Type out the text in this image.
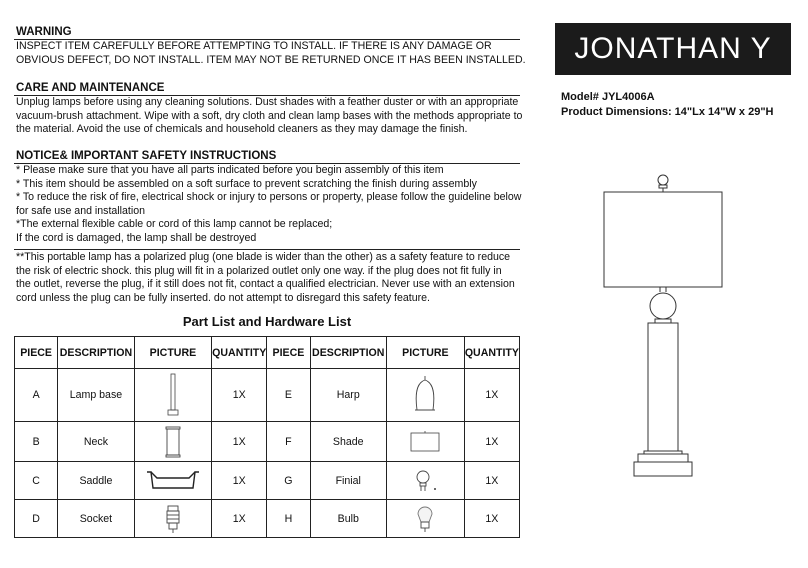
WARNING
INSPECT ITEM CAREFULLY BEFORE ATTEMPTING TO INSTALL. IF THERE IS ANY DAMAGE OR
OBVIOUS DEFECT, DO NOT INSTALL. ITEM MAY NOT BE RETURNED ONCE IT HAS BEEN INSTALLED.
CARE AND MAINTENANCE
Unplug lamps before using any cleaning solutions. Dust shades with a feather duster or with an appropriate
vacuum-brush attachment. Wipe with a soft, dry cloth and clean lamp bases with the methods appropriate to
the material. Avoid the use of chemicals and household cleaners as they may damage the finish.
NOTICE& IMPORTANT SAFETY INSTRUCTIONS
* Please make sure that you have all parts indicated before you begin assembly of this item
* This item should be assembled on a soft surface to prevent scratching the finish during assembly
* To reduce the risk of fire, electrical shock or injury to persons or property, please follow the guideline below
for safe use and installation
*The external flexible cable or cord of this lamp cannot be replaced;
If the cord is damaged, the lamp shall be destroyed
**This portable lamp has a polarized plug (one blade is wider than the other) as a safety feature to reduce
the risk of electric shock. this plug will fit in a polarized outlet only one way. if the plug does not fit fully in
the outlet, reverse the plug, if it still does not fit, contact a qualified electrician. Never use with an extension
cord unless the plug can be fully inserted. do not attempt to disregard this safety feature.
JONATHAN Y
Model# JYL4006A
Product Dimensions: 14"Lx 14"W x 29"H
Part List and Hardware List
PIECE	DESCRIPTION	PICTURE	QUANTITY	PIECE	DESCRIPTION	PICTURE	QUANTITY
A	Lamp base		1X	E	Harp		1X
B	Neck		1X	F	Shade		1X
C	Saddle		1X	G	Finial		1X
D	Socket		1X	H	Bulb		1X
